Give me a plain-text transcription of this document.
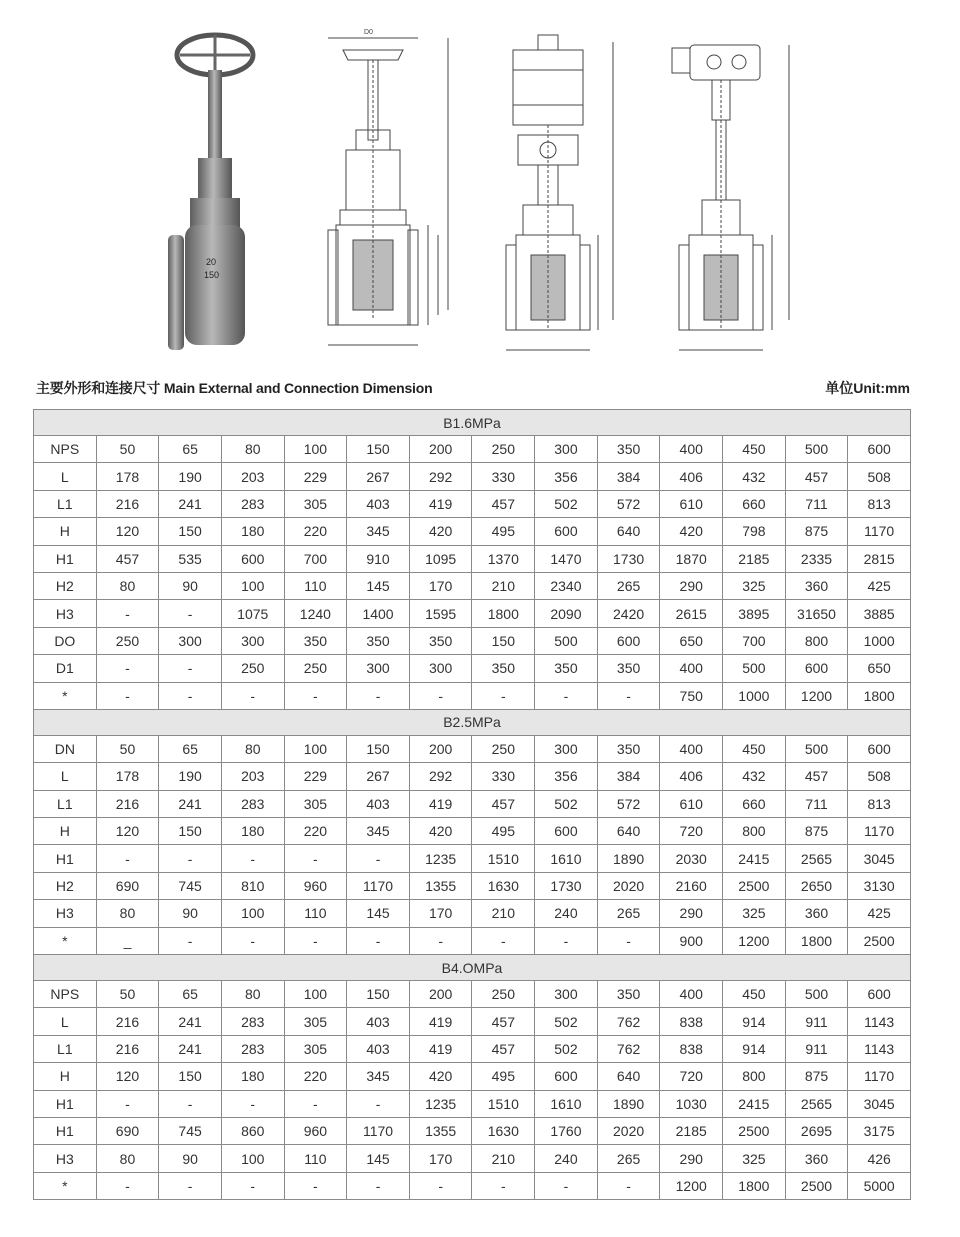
20
150
D0
主要外形和连接尺寸 Main External and Connection Dimension	单位Unit:mm
B1.6MPa													
NPS	50	65	80	100	150	200	250	300	350	400	450	500	600
L	178	190	203	229	267	292	330	356	384	406	432	457	508
L1	216	241	283	305	403	419	457	502	572	610	660	711	813
H	120	150	180	220	345	420	495	600	640	420	798	875	1170
H1	457	535	600	700	910	1095	1370	1470	1730	1870	2185	2335	2815
H2	80	90	100	110	145	170	210	2340	265	290	325	360	425
H3	-	-	1075	1240	1400	1595	1800	2090	2420	2615	3895	31650	3885
DO	250	300	300	350	350	350	150	500	600	650	700	800	1000
D1	-	-	250	250	300	300	350	350	350	400	500	600	650
*	-	-	-	-	-	-	-	-	-	750	1000	1200	1800
B2.5MPa													
DN	50	65	80	100	150	200	250	300	350	400	450	500	600
L	178	190	203	229	267	292	330	356	384	406	432	457	508
L1	216	241	283	305	403	419	457	502	572	610	660	711	813
H	120	150	180	220	345	420	495	600	640	720	800	875	1170
H1	-	-	-	-	-	1235	1510	1610	1890	2030	2415	2565	3045
H2	690	745	810	960	1170	1355	1630	1730	2020	2160	2500	2650	3130
H3	80	90	100	110	145	170	210	240	265	290	325	360	425
*	_	-	-	-	-	-	-	-	-	900	1200	1800	2500
B4.OMPa													
NPS	50	65	80	100	150	200	250	300	350	400	450	500	600
L	216	241	283	305	403	419	457	502	762	838	914	911	1143
L1	216	241	283	305	403	419	457	502	762	838	914	911	1143
H	120	150	180	220	345	420	495	600	640	720	800	875	1170
H1	-	-	-	-	-	1235	1510	1610	1890	1030	2415	2565	3045
H1	690	745	860	960	1170	1355	1630	1760	2020	2185	2500	2695	3175
H3	80	90	100	110	145	170	210	240	265	290	325	360	426
*	-	-	-	-	-	-	-	-	-	1200	1800	2500	5000
